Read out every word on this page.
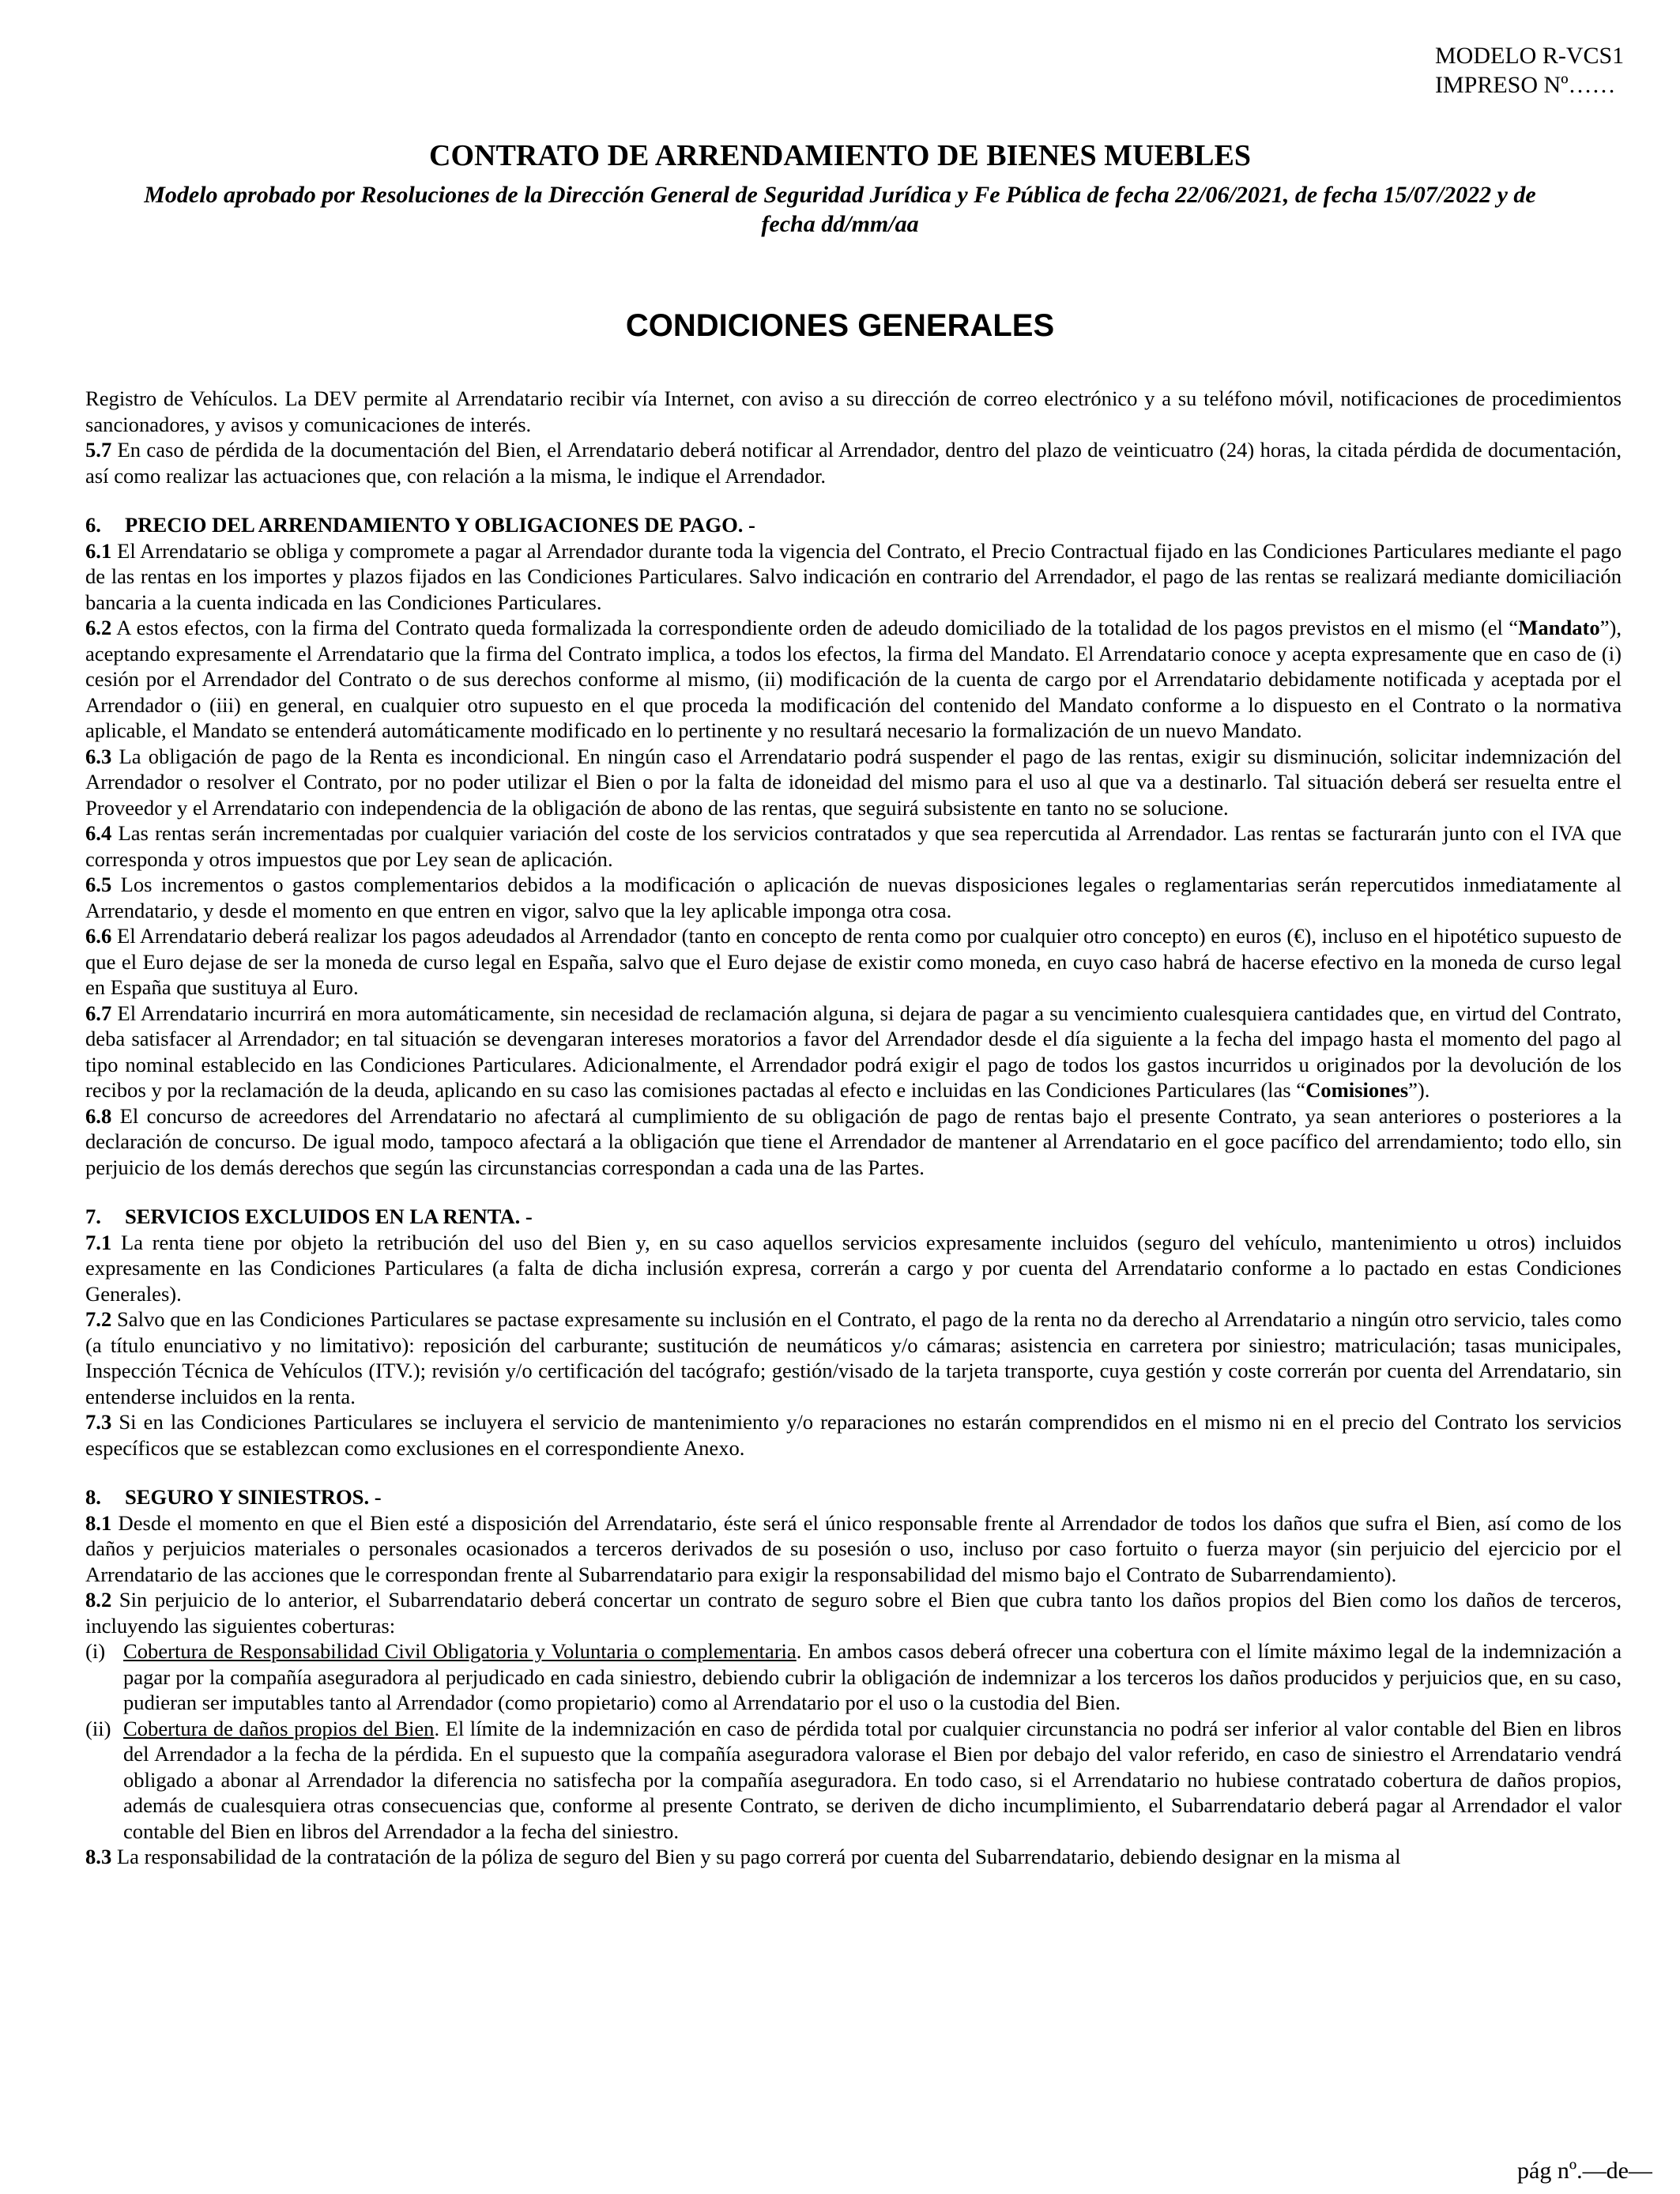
MODELO R-VCS1
IMPRESO Nº……
CONTRATO DE ARRENDAMIENTO DE BIENES MUEBLES
Modelo aprobado por Resoluciones de la Dirección General de Seguridad Jurídica y Fe Pública de fecha 22/06/2021, de fecha 15/07/2022 y de fecha dd/mm/aa
CONDICIONES GENERALES

Registro de Vehículos. La DEV permite al Arrendatario recibir vía Internet, con aviso a su dirección de correo electrónico y a su teléfono móvil, notificaciones de procedimientos sancionadores, y avisos y comunicaciones de interés.

5.7 En caso de pérdida de la documentación del Bien, el Arrendatario deberá notificar al Arrendador, dentro del plazo de veinticuatro (24) horas, la citada pérdida de documentación, así como realizar las actuaciones que, con relación a la misma, le indique el Arrendador.

6. PRECIO DEL ARRENDAMIENTO Y OBLIGACIONES DE PAGO. -

6.1 El Arrendatario se obliga y compromete a pagar al Arrendador durante toda la vigencia del Contrato, el Precio Contractual fijado en las Condiciones Particulares mediante el pago de las rentas en los importes y plazos fijados en las Condiciones Particulares. Salvo indicación en contrario del Arrendador, el pago de las rentas se realizará mediante domiciliación bancaria a la cuenta indicada en las Condiciones Particulares.

6.2 A estos efectos, con la firma del Contrato queda formalizada la correspondiente orden de adeudo domiciliado de la totalidad de los pagos previstos en el mismo (el “Mandato”), aceptando expresamente el Arrendatario que la firma del Contrato implica, a todos los efectos, la firma del Mandato. El Arrendatario conoce y acepta expresamente que en caso de (i) cesión por el Arrendador del Contrato o de sus derechos conforme al mismo, (ii) modificación de la cuenta de cargo por el Arrendatario debidamente notificada y aceptada por el Arrendador o (iii) en general, en cualquier otro supuesto en el que proceda la modificación del contenido del Mandato conforme a lo dispuesto en el Contrato o la normativa aplicable, el Mandato se entenderá automáticamente modificado en lo pertinente y no resultará necesario la formalización de un nuevo Mandato.

6.3 La obligación de pago de la Renta es incondicional. En ningún caso el Arrendatario podrá suspender el pago de las rentas, exigir su disminución, solicitar indemnización del Arrendador o resolver el Contrato, por no poder utilizar el Bien o por la falta de idoneidad del mismo para el uso al que va a destinarlo. Tal situación deberá ser resuelta entre el Proveedor y el Arrendatario con independencia de la obligación de abono de las rentas, que seguirá subsistente en tanto no se solucione.

6.4 Las rentas serán incrementadas por cualquier variación del coste de los servicios contratados y que sea repercutida al Arrendador. Las rentas se facturarán junto con el IVA que corresponda y otros impuestos que por Ley sean de aplicación.

6.5 Los incrementos o gastos complementarios debidos a la modificación o aplicación de nuevas disposiciones legales o reglamentarias serán repercutidos inmediatamente al Arrendatario, y desde el momento en que entren en vigor, salvo que la ley aplicable imponga otra cosa.

6.6 El Arrendatario deberá realizar los pagos adeudados al Arrendador (tanto en concepto de renta como por cualquier otro concepto) en euros (€), incluso en el hipotético supuesto de que el Euro dejase de ser la moneda de curso legal en España, salvo que el Euro dejase de existir como moneda, en cuyo caso habrá de hacerse efectivo en la moneda de curso legal en España que sustituya al Euro.

6.7 El Arrendatario incurrirá en mora automáticamente, sin necesidad de reclamación alguna, si dejara de pagar a su vencimiento cualesquiera cantidades que, en virtud del Contrato, deba satisfacer al Arrendador; en tal situación se devengaran intereses moratorios a favor del Arrendador desde el día siguiente a la fecha del impago hasta el momento del pago al tipo nominal establecido en las Condiciones Particulares. Adicionalmente, el Arrendador podrá exigir el pago de todos los gastos incurridos u originados por la devolución de los recibos y por la reclamación de la deuda, aplicando en su caso las comisiones pactadas al efecto e incluidas en las Condiciones Particulares (las “Comisiones”).

6.8 El concurso de acreedores del Arrendatario no afectará al cumplimiento de su obligación de pago de rentas bajo el presente Contrato, ya sean anteriores o posteriores a la declaración de concurso. De igual modo, tampoco afectará a la obligación que tiene el Arrendador de mantener al Arrendatario en el goce pacífico del arrendamiento; todo ello, sin perjuicio de los demás derechos que según las circunstancias correspondan a cada una de las Partes.

7. SERVICIOS EXCLUIDOS EN LA RENTA. -

7.1 La renta tiene por objeto la retribución del uso del Bien y, en su caso aquellos servicios expresamente incluidos (seguro del vehículo, mantenimiento u otros) incluidos expresamente en las Condiciones Particulares (a falta de dicha inclusión expresa, correrán a cargo y por cuenta del Arrendatario conforme a lo pactado en estas Condiciones Generales).

7.2 Salvo que en las Condiciones Particulares se pactase expresamente su inclusión en el Contrato, el pago de la renta no da derecho al Arrendatario a ningún otro servicio, tales como (a título enunciativo y no limitativo): reposición del carburante; sustitución de neumáticos y/o cámaras; asistencia en carretera por siniestro; matriculación; tasas municipales, Inspección Técnica de Vehículos (ITV.); revisión y/o certificación del tacógrafo; gestión/visado de la tarjeta transporte, cuya gestión y coste correrán por cuenta del Arrendatario, sin entenderse incluidos en la renta.

7.3 Si en las Condiciones Particulares se incluyera el servicio de mantenimiento y/o reparaciones no estarán comprendidos en el mismo ni en el precio del Contrato los servicios específicos que se establezcan como exclusiones en el correspondiente Anexo.

8. SEGURO Y SINIESTROS. -

8.1 Desde el momento en que el Bien esté a disposición del Arrendatario, éste será el único responsable frente al Arrendador de todos los daños que sufra el Bien, así como de los daños y perjuicios materiales o personales ocasionados a terceros derivados de su posesión o uso, incluso por caso fortuito o fuerza mayor (sin perjuicio del ejercicio por el Arrendatario de las acciones que le correspondan frente al Subarrendatario para exigir la responsabilidad del mismo bajo el Contrato de Subarrendamiento).

8.2 Sin perjuicio de lo anterior, el Subarrendatario deberá concertar un contrato de seguro sobre el Bien que cubra tanto los daños propios del Bien como los daños de terceros, incluyendo las siguientes coberturas:

(i) Cobertura de Responsabilidad Civil Obligatoria y Voluntaria o complementaria. En ambos casos deberá ofrecer una cobertura con el límite máximo legal de la indemnización a pagar por la compañía aseguradora al perjudicado en cada siniestro, debiendo cubrir la obligación de indemnizar a los terceros los daños producidos y perjuicios que, en su caso, pudieran ser imputables tanto al Arrendador (como propietario) como al Arrendatario por el uso o la custodia del Bien.
(ii) Cobertura de daños propios del Bien. El límite de la indemnización en caso de pérdida total por cualquier circunstancia no podrá ser inferior al valor contable del Bien en libros del Arrendador a la fecha de la pérdida. En el supuesto que la compañía aseguradora valorase el Bien por debajo del valor referido, en caso de siniestro el Arrendatario vendrá obligado a abonar al Arrendador la diferencia no satisfecha por la compañía aseguradora. En todo caso, si el Arrendatario no hubiese contratado cobertura de daños propios, además de cualesquiera otras consecuencias que, conforme al presente Contrato, se deriven de dicho incumplimiento, el Subarrendatario deberá pagar al Arrendador el valor contable del Bien en libros del Arrendador a la fecha del siniestro.

8.3 La responsabilidad de la contratación de la póliza de seguro del Bien y su pago correrá por cuenta del Subarrendatario, debiendo designar en la misma al

pág nº.—de—
